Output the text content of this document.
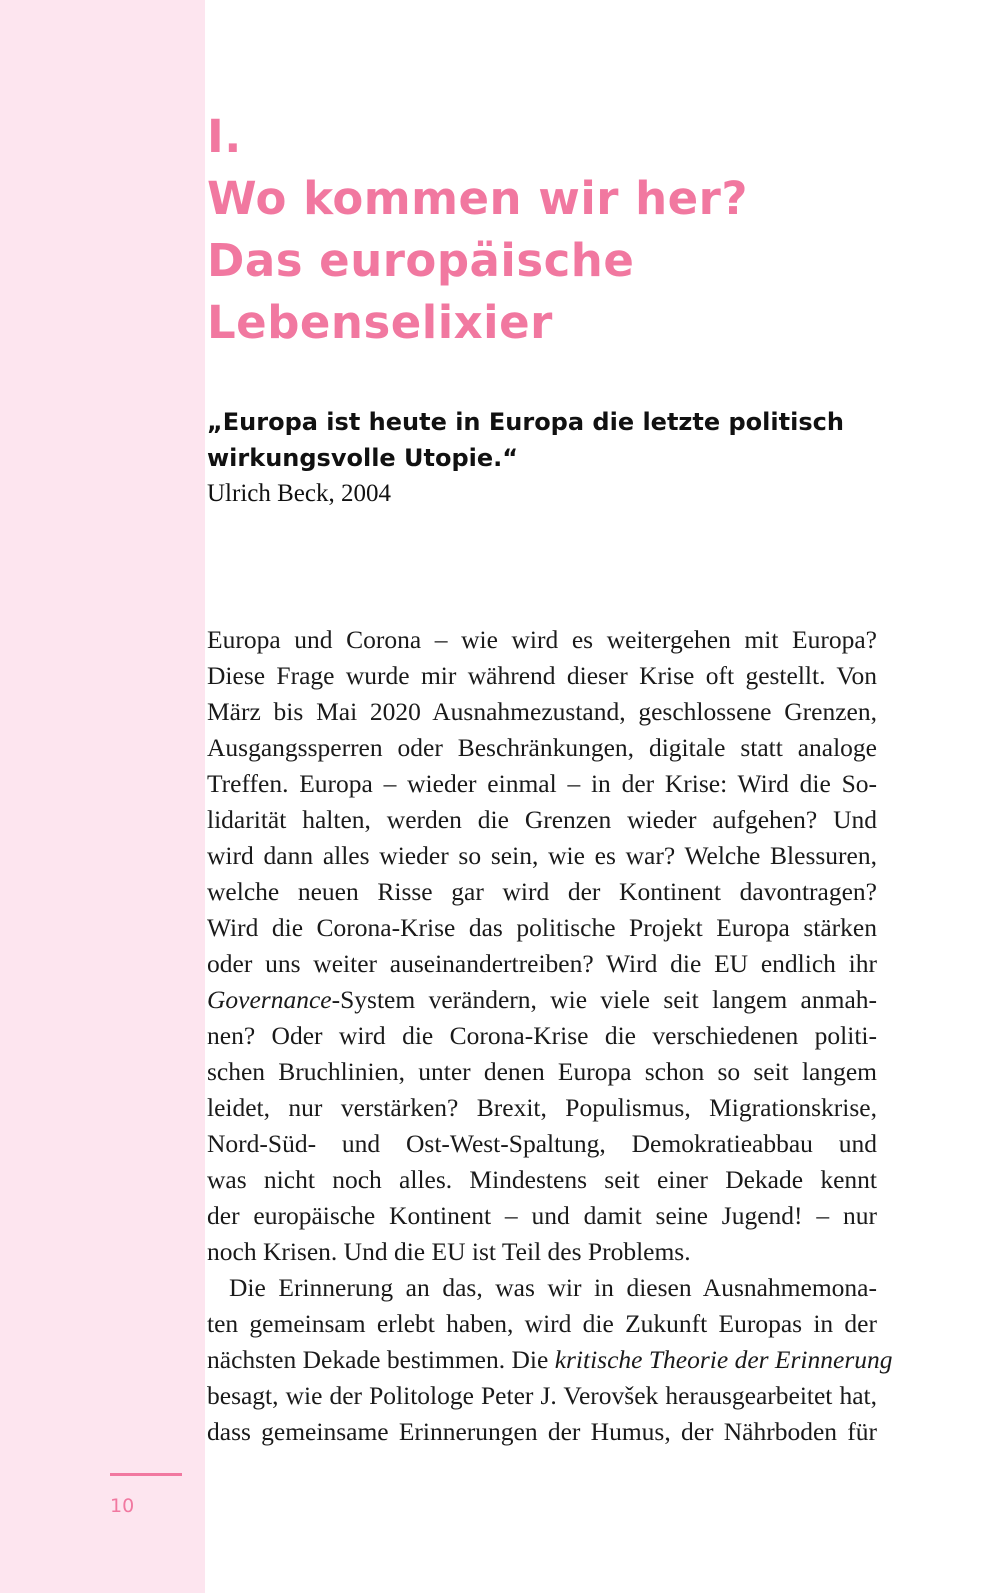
I.
Wo kommen wir her?
Das europäische
Lebenselixier

„Europa ist heute in Europa die letzte politisch
wirkungsvolle Utopie.“

Ulrich Beck, 2004

Europa und Corona – wie wird es weitergehen mit Europa?
Diese Frage wurde mir während dieser Krise oft gestellt. Von
März bis Mai 2020 Ausnahmezustand, geschlossene Grenzen,
Ausgangssperren oder Beschränkungen, digitale statt analoge
Treffen. Europa – wieder einmal – in der Krise: Wird die So-
lidarität halten, werden die Grenzen wieder aufgehen? Und
wird dann alles wieder so sein, wie es war? Welche Blessuren,
welche neuen Risse gar wird der Kontinent davontragen?
Wird die Corona-Krise das politische Projekt Europa stärken
oder uns weiter auseinandertreiben? Wird die EU endlich ihr
Governance-System verändern, wie viele seit langem anmah-
nen? Oder wird die Corona-Krise die verschiedenen politi-
schen Bruchlinien, unter denen Europa schon so seit langem
leidet, nur verstärken? Brexit, Populismus, Migrationskrise,
Nord-Süd- und Ost-West-Spaltung, Demokratieabbau und
was nicht noch alles. Mindestens seit einer Dekade kennt
der europäische Kontinent – und damit seine Jugend! – nur
noch Krisen. Und die EU ist Teil des Problems.
Die Erinnerung an das, was wir in diesen Ausnahmemona-
ten gemeinsam erlebt haben, wird die Zukunft Europas in der
nächsten Dekade bestimmen. Die kritische Theorie der Erinnerung
besagt, wie der Politologe Peter J. Verovšek herausgearbeitet hat,
dass gemeinsame Erinnerungen der Humus, der Nährboden für
10
